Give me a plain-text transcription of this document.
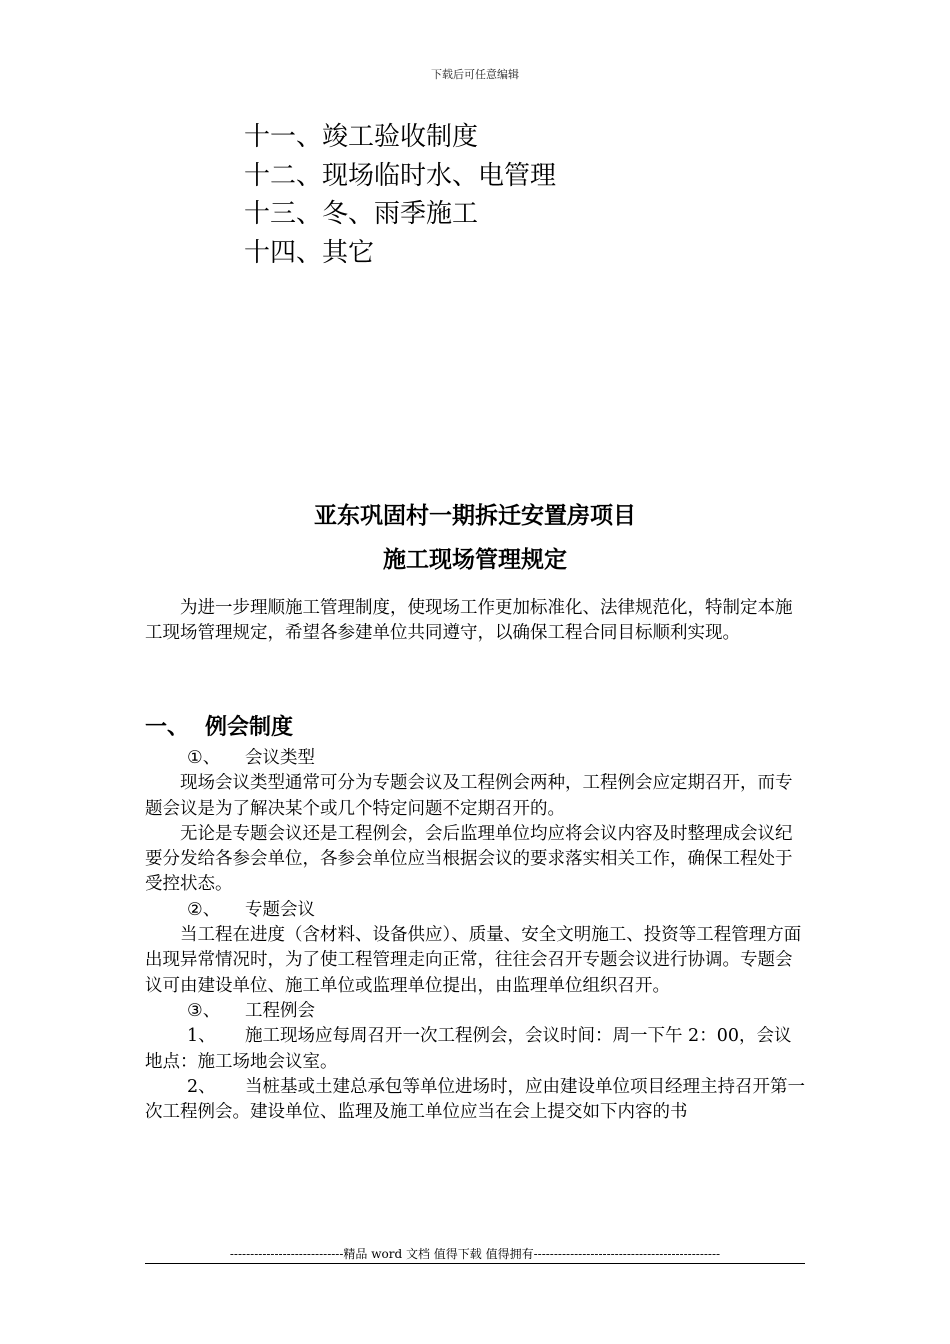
下载后可任意编辑
十一、竣工验收制度
十二、现场临时水、电管理
十三、冬、雨季施工
十四、其它
亚东巩固村一期拆迁安置房项目
施工现场管理规定
为进一步理顺施工管理制度，使现场工作更加标准化、法律规范化，特制定本施工现场管理规定，希望各参建单位共同遵守，以确保工程合同目标顺利实现。
一、 例会制度
①、 会议类型
现场会议类型通常可分为专题会议及工程例会两种，工程例会应定期召开，而专题会议是为了解决某个或几个特定问题不定期召开的。
无论是专题会议还是工程例会，会后监理单位均应将会议内容及时整理成会议纪要分发给各参会单位，各参会单位应当根据会议的要求落实相关工作，确保工程处于受控状态。
②、 专题会议
当工程在进度（含材料、设备供应）、质量、安全文明施工、投资等工程管理方面出现异常情况时，为了使工程管理走向正常，往往会召开专题会议进行协调。专题会议可由建设单位、施工单位或监理单位提出，由监理单位组织召开。
③、 工程例会
1、 施工现场应每周召开一次工程例会，会议时间：周一下午 2：00，会议地点：施工场地会议室。
2、 当桩基或土建总承包等单位进场时，应由建设单位项目经理主持召开第一次工程例会。建设单位、监理及施工单位应当在会上提交如下内容的书
----------------------------精品 word 文档 值得下载 值得拥有----------------------------------------------
